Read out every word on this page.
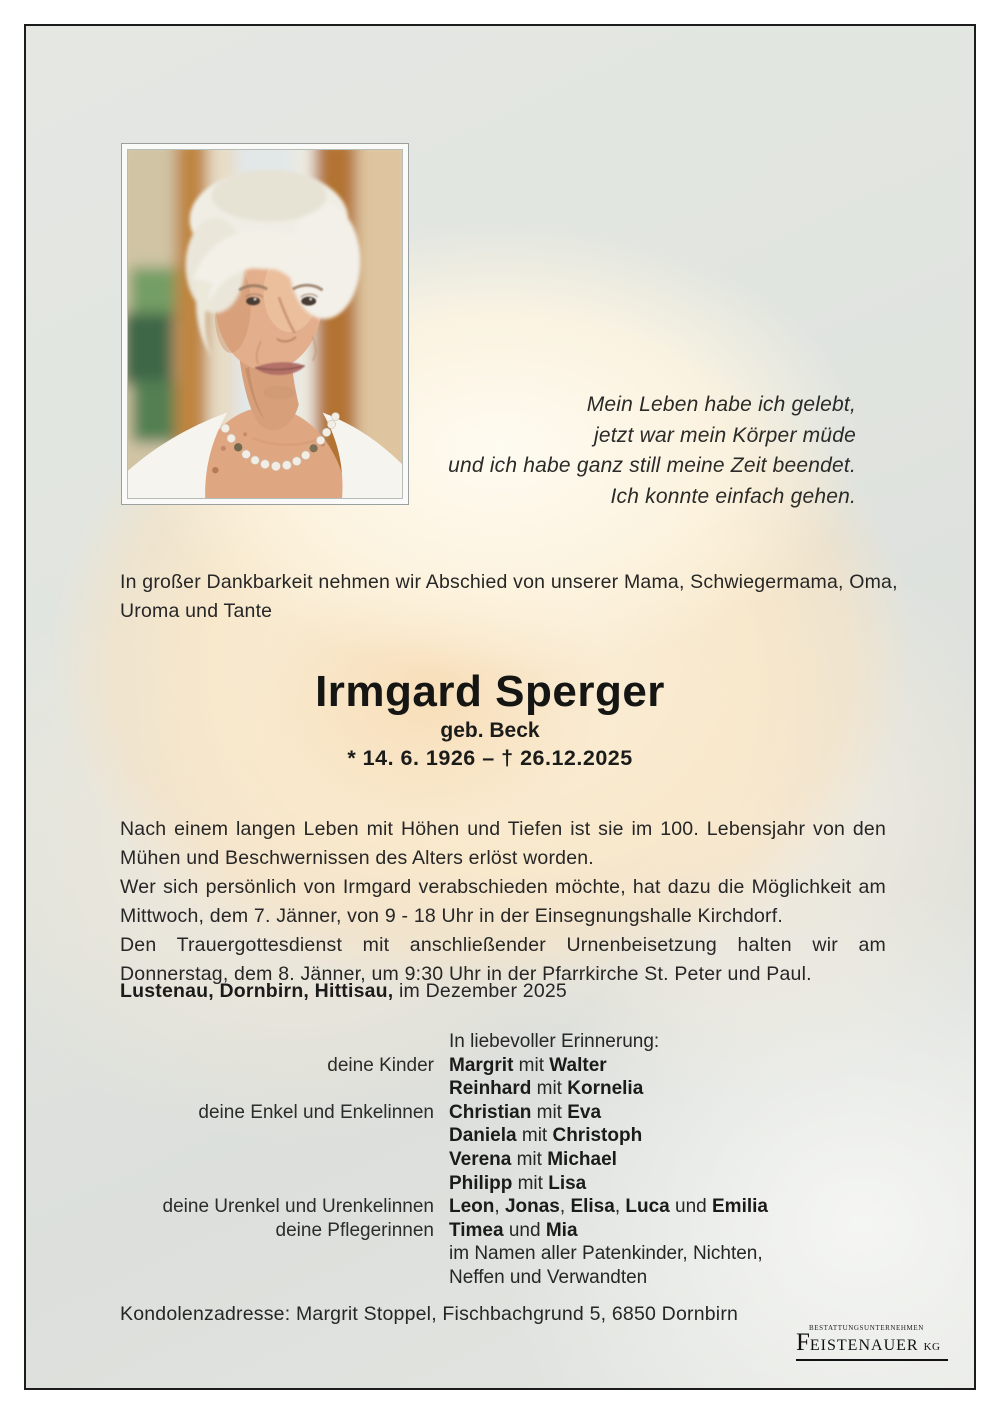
Mein Leben habe ich gelebt,
jetzt war mein Körper müde
und ich habe ganz still meine Zeit beendet.
Ich konnte einfach gehen.
In großer Dankbarkeit nehmen wir Abschied von unserer Mama, Schwiegermama, Oma, Uroma und Tante
Irmgard Sperger
geb. Beck
* 14. 6. 1926 – † 26.12.2025

Nach einem langen Leben mit Höhen und Tiefen ist sie im 100. Lebensjahr von den Mühen und Beschwernissen des Alters erlöst worden.

Wer sich persönlich von Irmgard verabschieden möchte, hat dazu die Möglichkeit am Mittwoch, dem 7. Jänner, von 9 - 18 Uhr in der Einsegnungshalle Kirchdorf.

Den Trauergottesdienst mit anschließender Urnenbeisetzung halten wir am Donnerstag, dem 8. Jänner, um 9:30 Uhr in der Pfarrkirche St. Peter und Paul.

Lustenau, Dornbirn, Hittisau, im Dezember 2025
In liebevoller Erinnerung:
deine Kinder Margrit mit Walter
Reinhard mit Kornelia
deine Enkel und Enkelinnen Christian mit Eva
Daniela mit Christoph
Verena mit Michael
Philipp mit Lisa
deine Urenkel und Urenkelinnen Leon, Jonas, Elisa, Luca und Emilia
deine Pflegerinnen Timea und Mia
im Namen aller Patenkinder, Nichten,
Neffen und Verwandten
Kondolenzadresse: Margrit Stoppel, Fischbachgrund 5, 6850 Dornbirn
BESTATTUNGSUNTERNEHMEN
FEISTENAUER KG
